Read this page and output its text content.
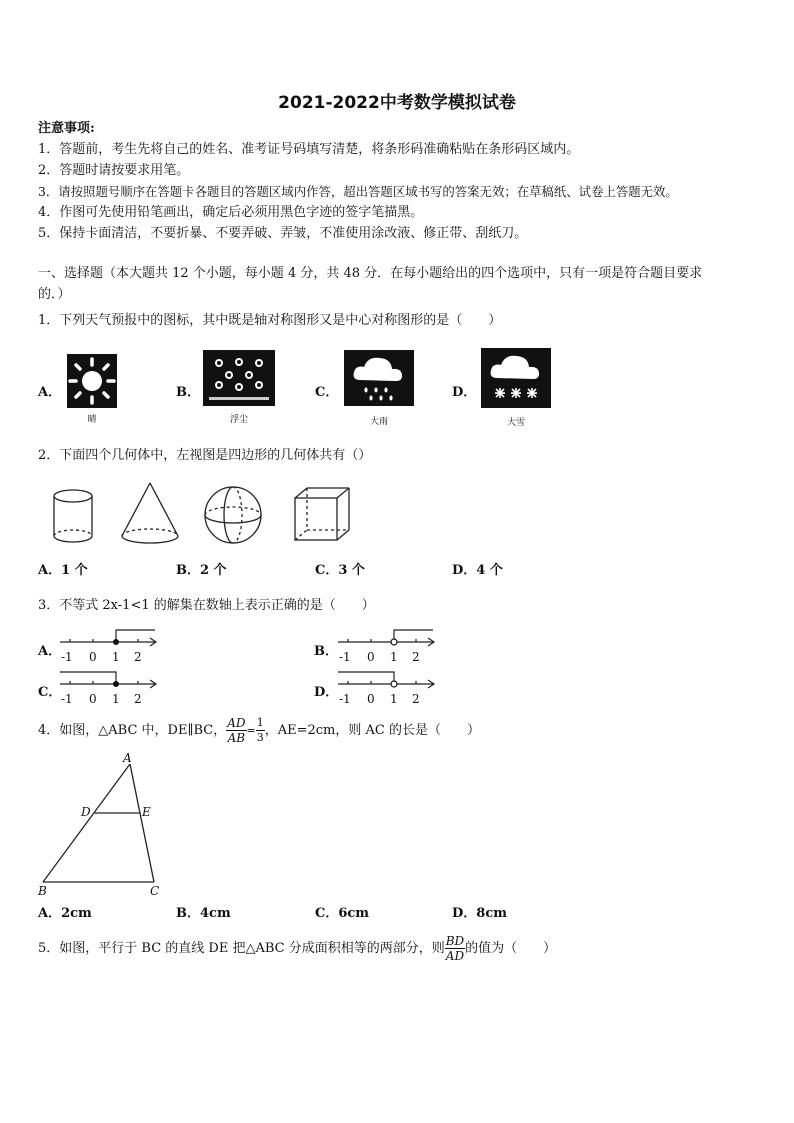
2021-2022中考数学模拟试卷
注意事项:
1．答题前，考生先将自己的姓名、准考证号码填写清楚，将条形码准确粘贴在条形码区域内。
2．答题时请按要求用笔。
3．请按照题号顺序在答题卡各题目的答题区域内作答，超出答题区域书写的答案无效；在草稿纸、试卷上答题无效。
4．作图可先使用铅笔画出，确定后必须用黑色字迹的签字笔描黑。
5．保持卡面清洁，不要折暴、不要弄破、弄皱，不准使用涂改液、修正带、刮纸刀。
一、选择题（本大题共 12 个小题，每小题 4 分，共 48 分．在每小题给出的四个选项中，只有一项是符合题目要求
的．）
1．下列天气预报中的图标，其中既是轴对称图形又是中心对称图形的是（　　）
A．
晴
B．
浮尘
C．
大雨
D．
大雪
2．下面四个几何体中，左视图是四边形的几何体共有（）
A．1 个	B．2 个	C．3 个	D．4 个
3．不等式 2x-1<1 的解集在数轴上表示正确的是（　　）
A． -1 0 1 2	B． -1 0 1 2
C． -1 0 1 2	D． -1 0 1 2
4．如图，△ABC 中，DE∥BC， $\frac{AD}{AB} = \frac{1}{3}$ ，AE=2cm，则 AC 的长是（　　）
A
D	E
B	C
A．2cm	B．4cm	C．6cm	D．8cm
5．如图，平行于 BC 的直线 DE 把△ABC 分成面积相等的两部分，则 $\frac{BD}{AD}$ 的值为（　　）
